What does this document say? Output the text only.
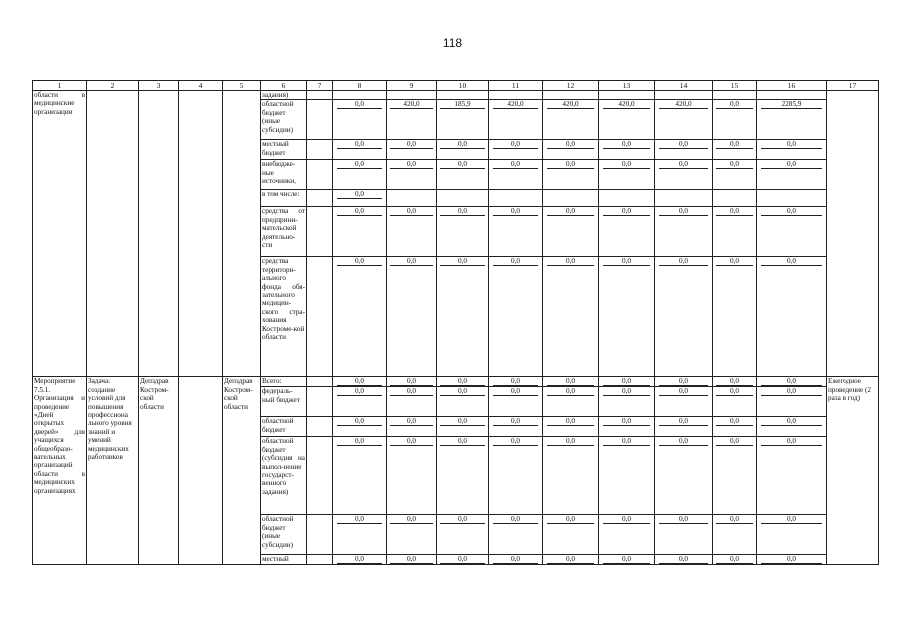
118
1	2	3	4	5	6	7	8	9	10	11	12	13	14	15	16	17
области в медицинские организации					задания)											
					областной бюджет (иные субсидии)		0,0	420,0	185,9	420,0	420,0	420,0	420,0	0,0	2285,9	
					местный бюджет		0,0	0,0	0,0	0,0	0,0	0,0	0,0	0,0	0,0	
					внебюдже-ные источники,		0,0	0,0	0,0	0,0	0,0	0,0	0,0	0,0	0,0	
					в том числе:		0,0									
					средства от предприни-мательской деятельно-сти		0,0	0,0	0,0	0,0	0,0	0,0	0,0	0,0	0,0	
					средства территори-ального фонда обя-зательного медицин-ского стра-хования Костроме-кой области		0,0	0,0	0,0	0,0	0,0	0,0	0,0	0,0	0,0	
Мероприятие 7.5.1. Организация и проведение «Дней открытых дверей» для учащихся общеобразо-вательных организаций области в медицинских организациях	Задача: создание условий для повышения профессиона льного уровня знаний и умений медицинских работников	Депздрав Костром-ской области		Депздрав Костром-ской области	Всего:		0,0	0,0	0,0	0,0	0,0	0,0	0,0	0,0	0,0	Ежегодное проведение (2 раза в год)
					федераль-ный бюджет		0,0	0,0	0,0	0,0	0,0	0,0	0,0	0,0	0,0	
					областной бюджет		0,0	0,0	0,0	0,0	0,0	0,0	0,0	0,0	0,0	
					областной бюджет (субсидия на выпол-нение государст-венного задания)		0,0	0,0	0,0	0,0	0,0	0,0	0,0	0,0	0,0	
					областной бюджет (иные субсидии)		0,0	0,0	0,0	0,0	0,0	0,0	0,0	0,0	0,0	
					местный		0,0	0,0	0,0	0,0	0,0	0,0	0,0	0,0	0,0	
